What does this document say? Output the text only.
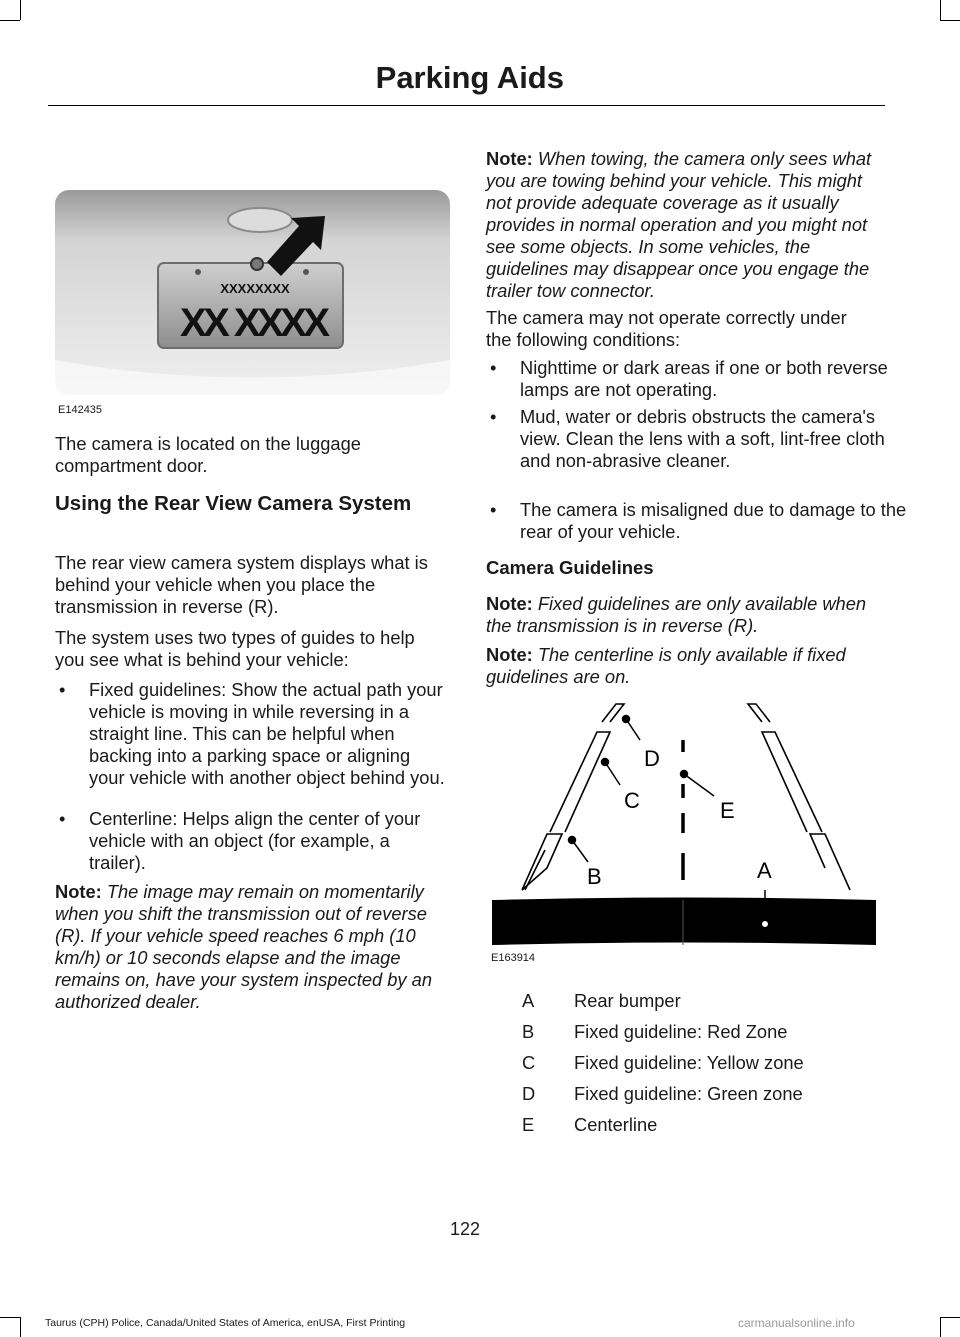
Parking Aids
XXXXXXXX
XX XXXX
E142435

The camera is located on the luggage compartment door.

Using the Rear View Camera System

The rear view camera system displays what is behind your vehicle when you place the transmission in reverse (R).

The system uses two types of guides to help you see what is behind your vehicle:

• Fixed guidelines: Show the actual path your vehicle is moving in while reversing in a straight line. This can be helpful when backing into a parking space or aligning your vehicle with another object behind you.
• Centerline: Helps align the center of your vehicle with an object (for example, a trailer).

Note: The image may remain on momentarily when you shift the transmission out of reverse (R). If your vehicle speed reaches 6 mph (10 km/h) or 10 seconds elapse and the image remains on, have your system inspected by an authorized dealer.

Note: When towing, the camera only sees what you are towing behind your vehicle. This might not provide adequate coverage as it usually provides in normal operation and you might not see some objects. In some vehicles, the guidelines may disappear once you engage the trailer tow connector.

The camera may not operate correctly under the following conditions:

• Nighttime or dark areas if one or both reverse lamps are not operating.
• Mud, water or debris obstructs the camera's view. Clean the lens with a soft, lint-free cloth and non-abrasive cleaner.
• The camera is misaligned due to damage to the rear of your vehicle.
Camera Guidelines

Note: Fixed guidelines are only available when the transmission is in reverse (R).

Note: The centerline is only available if fixed guidelines are on.

D
C
B
E
A
E163914
A Rear bumper
B Fixed guideline: Red Zone
C Fixed guideline: Yellow zone
D Fixed guideline: Green zone
E Centerline
122
Taurus (CPH) Police, Canada/United States of America, enUSA, First Printing	carmanualsonline.info
